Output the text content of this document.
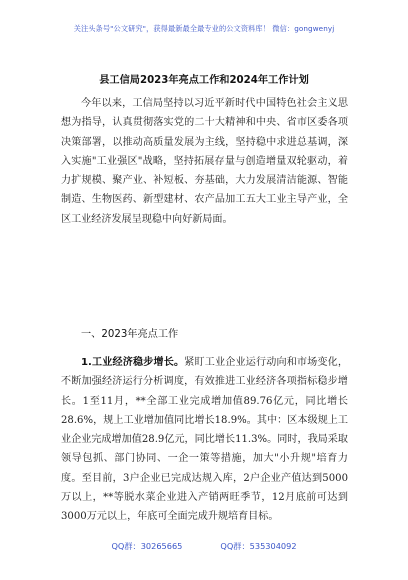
关注头条号"公文研究"，获得最新最全最专业的公文资料库！ 微信：gongwenyj
县工信局2023年亮点工作和2024年工作计划
今年以来，工信局坚持以习近平新时代中国特色社会主义思想为指导，认真贯彻落实党的二十大精神和中央、省市区委各项决策部署，以推动高质量发展为主线，坚持稳中求进总基调，深入实施"工业强区"战略，坚持拓展存量与创造增量双轮驱动，着力扩规模、聚产业、补短板、夯基础，大力发展清洁能源、智能制造、生物医药、新型建材、农产品加工五大工业主导产业，全区工业经济发展呈现稳中向好新局面。
一、2023年亮点工作
1.工业经济稳步增长。紧盯工业企业运行动向和市场变化，不断加强经济运行分析调度，有效推进工业经济各项指标稳步增长。1至11月，**全部工业完成增加值89.76亿元，同比增长28.6%，规上工业增加值同比增长18.9%。其中：区本级规上工业企业完成增加值28.9亿元，同比增长11.3%。同时，我局采取领导包抓、部门协同、一企一策等措施，加大"小升规"培育力度。至目前，3户企业已完成达规入库，2户企业产值达到5000万以上，**等脱水菜企业进入产销两旺季节，12月底前可达到3000万元以上，年底可全面完成升规培育目标。
QQ群：30265665	QQ群：535304092
